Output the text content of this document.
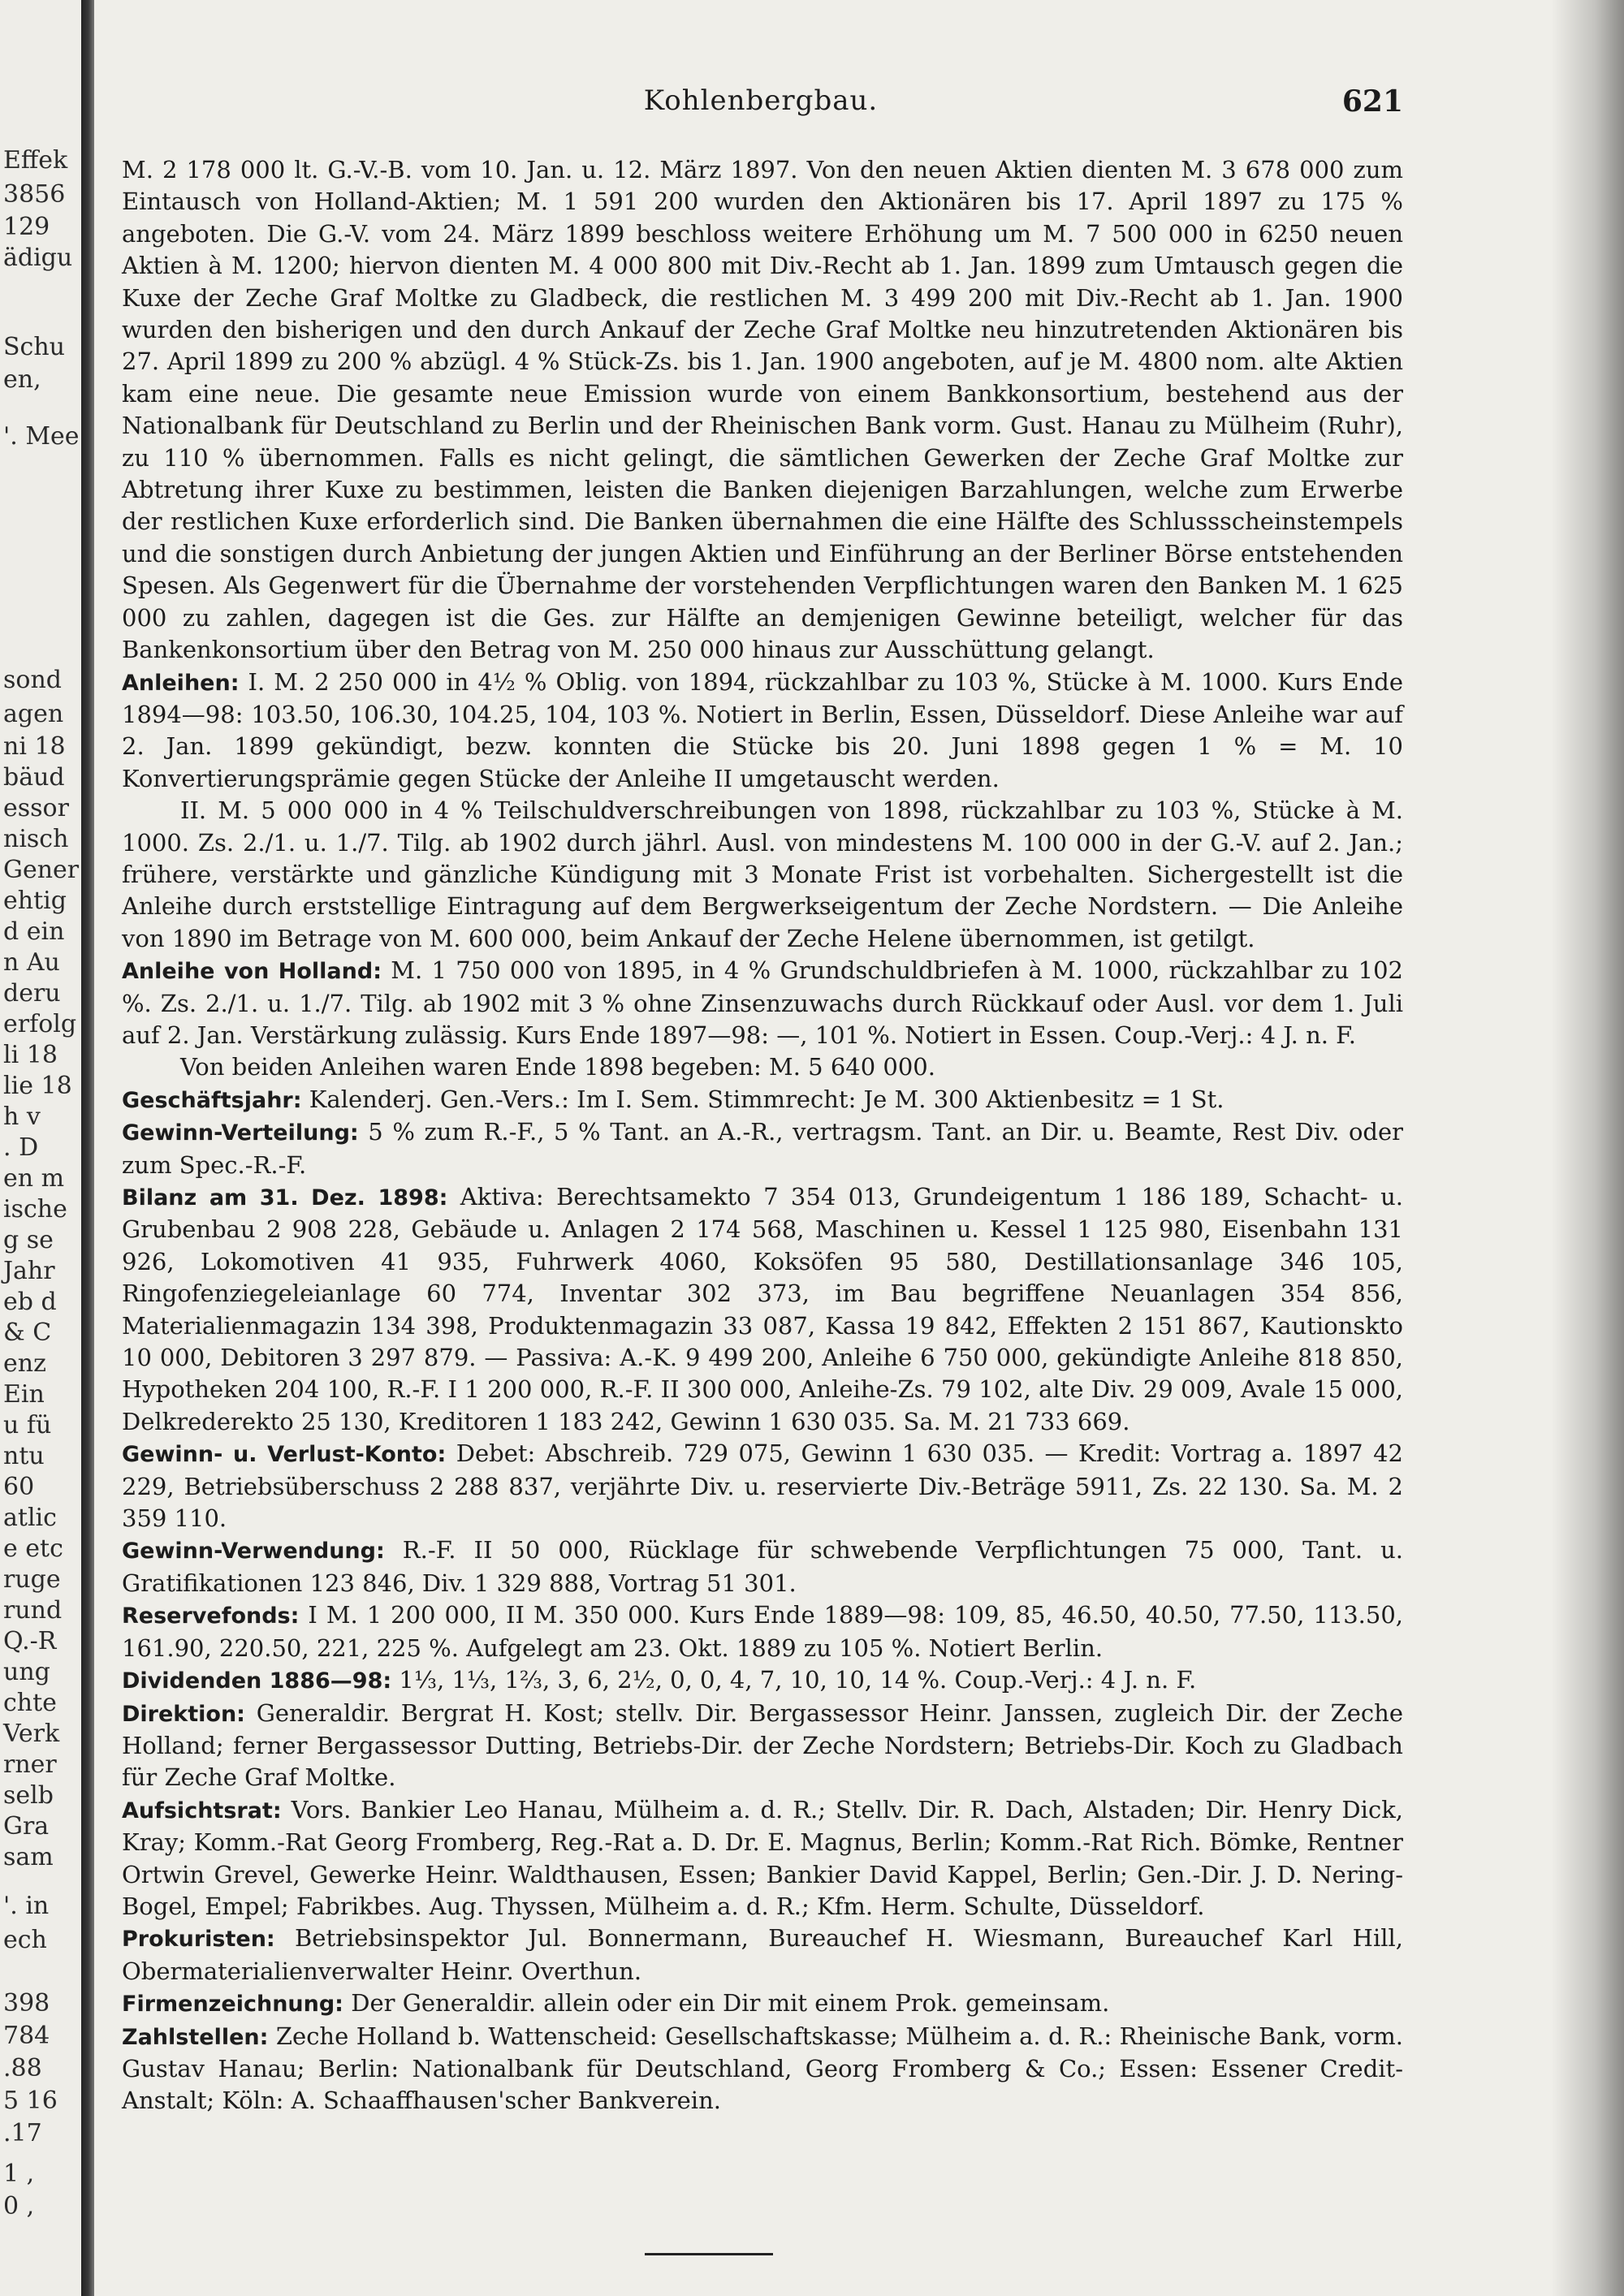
Effek
3856
129
ädigu
Schu
en,
'. Mee
sond
agen
ni 18
bäud
essor
nisch
Gener
ehtig
d ein
n Au
deru
erfolg
li 18
lie 18
h v
. D
en m
ische
g se
Jahr
eb d
& C
enz
Ein
u fü
ntu
60
atlic
e etc
ruge
rund
Q.-R
ung
chte
Verk
rner
selb
Gra
sam
'. in
ech
398
784
.88
5 16
.17
1 ,
0 ,
Kohlenbergbau.	621

M. 2 178 000 lt. G.-V.-B. vom 10. Jan. u. 12. März 1897. Von den neuen Aktien dienten M. 3 678 000 zum Eintausch von Holland-Aktien; M. 1 591 200 wurden den Aktionären bis 17. April 1897 zu 175 % angeboten. Die G.-V. vom 24. März 1899 beschloss weitere Erhöhung um M. 7 500 000 in 6250 neuen Aktien à M. 1200; hiervon dienten M. 4 000 800 mit Div.-Recht ab 1. Jan. 1899 zum Umtausch gegen die Kuxe der Zeche Graf Moltke zu Gladbeck, die restlichen M. 3 499 200 mit Div.-Recht ab 1. Jan. 1900 wurden den bisherigen und den durch Ankauf der Zeche Graf Moltke neu hinzutretenden Aktionären bis 27. April 1899 zu 200 % abzügl. 4 % Stück-Zs. bis 1. Jan. 1900 angeboten, auf je M. 4800 nom. alte Aktien kam eine neue. Die gesamte neue Emission wurde von einem Bankkonsortium, bestehend aus der Nationalbank für Deutschland zu Berlin und der Rheinischen Bank vorm. Gust. Hanau zu Mülheim (Ruhr), zu 110 % übernommen. Falls es nicht gelingt, die sämtlichen Gewerken der Zeche Graf Moltke zur Abtretung ihrer Kuxe zu bestimmen, leisten die Banken diejenigen Barzahlungen, welche zum Erwerbe der restlichen Kuxe erforderlich sind. Die Banken übernahmen die eine Hälfte des Schlussscheinstempels und die sonstigen durch Anbietung der jungen Aktien und Einführung an der Berliner Börse entstehenden Spesen. Als Gegenwert für die Übernahme der vorstehenden Verpflichtungen waren den Banken M. 1 625 000 zu zahlen, dagegen ist die Ges. zur Hälfte an demjenigen Gewinne beteiligt, welcher für das Bankenkonsortium über den Betrag von M. 250 000 hinaus zur Ausschüttung gelangt.

Anleihen: I. M. 2 250 000 in 4½ % Oblig. von 1894, rückzahlbar zu 103 %, Stücke à M. 1000. Kurs Ende 1894—98: 103.50, 106.30, 104.25, 104, 103 %. Notiert in Berlin, Essen, Düsseldorf. Diese Anleihe war auf 2. Jan. 1899 gekündigt, bezw. konnten die Stücke bis 20. Juni 1898 gegen 1 % = M. 10 Konvertierungsprämie gegen Stücke der Anleihe II umgetauscht werden.

II. M. 5 000 000 in 4 % Teilschuldverschreibungen von 1898, rückzahlbar zu 103 %, Stücke à M. 1000. Zs. 2./1. u. 1./7. Tilg. ab 1902 durch jährl. Ausl. von mindestens M. 100 000 in der G.-V. auf 2. Jan.; frühere, verstärkte und gänzliche Kündigung mit 3 Monate Frist ist vorbehalten. Sichergestellt ist die Anleihe durch erststellige Eintragung auf dem Bergwerkseigentum der Zeche Nordstern. — Die Anleihe von 1890 im Betrage von M. 600 000, beim Ankauf der Zeche Helene übernommen, ist getilgt.

Anleihe von Holland: M. 1 750 000 von 1895, in 4 % Grundschuldbriefen à M. 1000, rückzahlbar zu 102 %. Zs. 2./1. u. 1./7. Tilg. ab 1902 mit 3 % ohne Zinsenzuwachs durch Rückkauf oder Ausl. vor dem 1. Juli auf 2. Jan. Verstärkung zulässig. Kurs Ende 1897—98: —, 101 %. Notiert in Essen. Coup.-Verj.: 4 J. n. F.

Von beiden Anleihen waren Ende 1898 begeben: M. 5 640 000.

Geschäftsjahr: Kalenderj. Gen.-Vers.: Im I. Sem. Stimmrecht: Je M. 300 Aktienbesitz = 1 St.

Gewinn-Verteilung: 5 % zum R.-F., 5 % Tant. an A.-R., vertragsm. Tant. an Dir. u. Beamte, Rest Div. oder zum Spec.-R.-F.

Bilanz am 31. Dez. 1898: Aktiva: Berechtsamekto 7 354 013, Grundeigentum 1 186 189, Schacht- u. Grubenbau 2 908 228, Gebäude u. Anlagen 2 174 568, Maschinen u. Kessel 1 125 980, Eisenbahn 131 926, Lokomotiven 41 935, Fuhrwerk 4060, Koksöfen 95 580, Destillationsanlage 346 105, Ringofenziegeleianlage 60 774, Inventar 302 373, im Bau begriffene Neuanlagen 354 856, Materialienmagazin 134 398, Produktenmagazin 33 087, Kassa 19 842, Effekten 2 151 867, Kautionskto 10 000, Debitoren 3 297 879. — Passiva: A.-K. 9 499 200, Anleihe 6 750 000, gekündigte Anleihe 818 850, Hypotheken 204 100, R.-F. I 1 200 000, R.-F. II 300 000, Anleihe-Zs. 79 102, alte Div. 29 009, Avale 15 000, Delkrederekto 25 130, Kreditoren 1 183 242, Gewinn 1 630 035. Sa. M. 21 733 669.

Gewinn- u. Verlust-Konto: Debet: Abschreib. 729 075, Gewinn 1 630 035. — Kredit: Vortrag a. 1897 42 229, Betriebsüberschuss 2 288 837, verjährte Div. u. reservierte Div.-Beträge 5911, Zs. 22 130. Sa. M. 2 359 110.

Gewinn-Verwendung: R.-F. II 50 000, Rücklage für schwebende Verpflichtungen 75 000, Tant. u. Gratifikationen 123 846, Div. 1 329 888, Vortrag 51 301.

Reservefonds: I M. 1 200 000, II M. 350 000. Kurs Ende 1889—98: 109, 85, 46.50, 40.50, 77.50, 113.50, 161.90, 220.50, 221, 225 %. Aufgelegt am 23. Okt. 1889 zu 105 %. Notiert Berlin.

Dividenden 1886—98: 1⅓, 1⅓, 1⅔, 3, 6, 2½, 0, 0, 4, 7, 10, 10, 14 %. Coup.-Verj.: 4 J. n. F.

Direktion: Generaldir. Bergrat H. Kost; stellv. Dir. Bergassessor Heinr. Janssen, zugleich Dir. der Zeche Holland; ferner Bergassessor Dutting, Betriebs-Dir. der Zeche Nordstern; Betriebs-Dir. Koch zu Gladbach für Zeche Graf Moltke.

Aufsichtsrat: Vors. Bankier Leo Hanau, Mülheim a. d. R.; Stellv. Dir. R. Dach, Alstaden; Dir. Henry Dick, Kray; Komm.-Rat Georg Fromberg, Reg.-Rat a. D. Dr. E. Magnus, Berlin; Komm.-Rat Rich. Bömke, Rentner Ortwin Grevel, Gewerke Heinr. Waldthausen, Essen; Bankier David Kappel, Berlin; Gen.-Dir. J. D. Nering-Bogel, Empel; Fabrikbes. Aug. Thyssen, Mülheim a. d. R.; Kfm. Herm. Schulte, Düsseldorf.

Prokuristen: Betriebsinspektor Jul. Bonnermann, Bureauchef H. Wiesmann, Bureauchef Karl Hill, Obermaterialienverwalter Heinr. Overthun.

Firmenzeichnung: Der Generaldir. allein oder ein Dir mit einem Prok. gemeinsam.

Zahlstellen: Zeche Holland b. Wattenscheid: Gesellschaftskasse; Mülheim a. d. R.: Rheinische Bank, vorm. Gustav Hanau; Berlin: Nationalbank für Deutschland, Georg Fromberg & Co.; Essen: Essener Credit-Anstalt; Köln: A. Schaaffhausen'scher Bankverein.
